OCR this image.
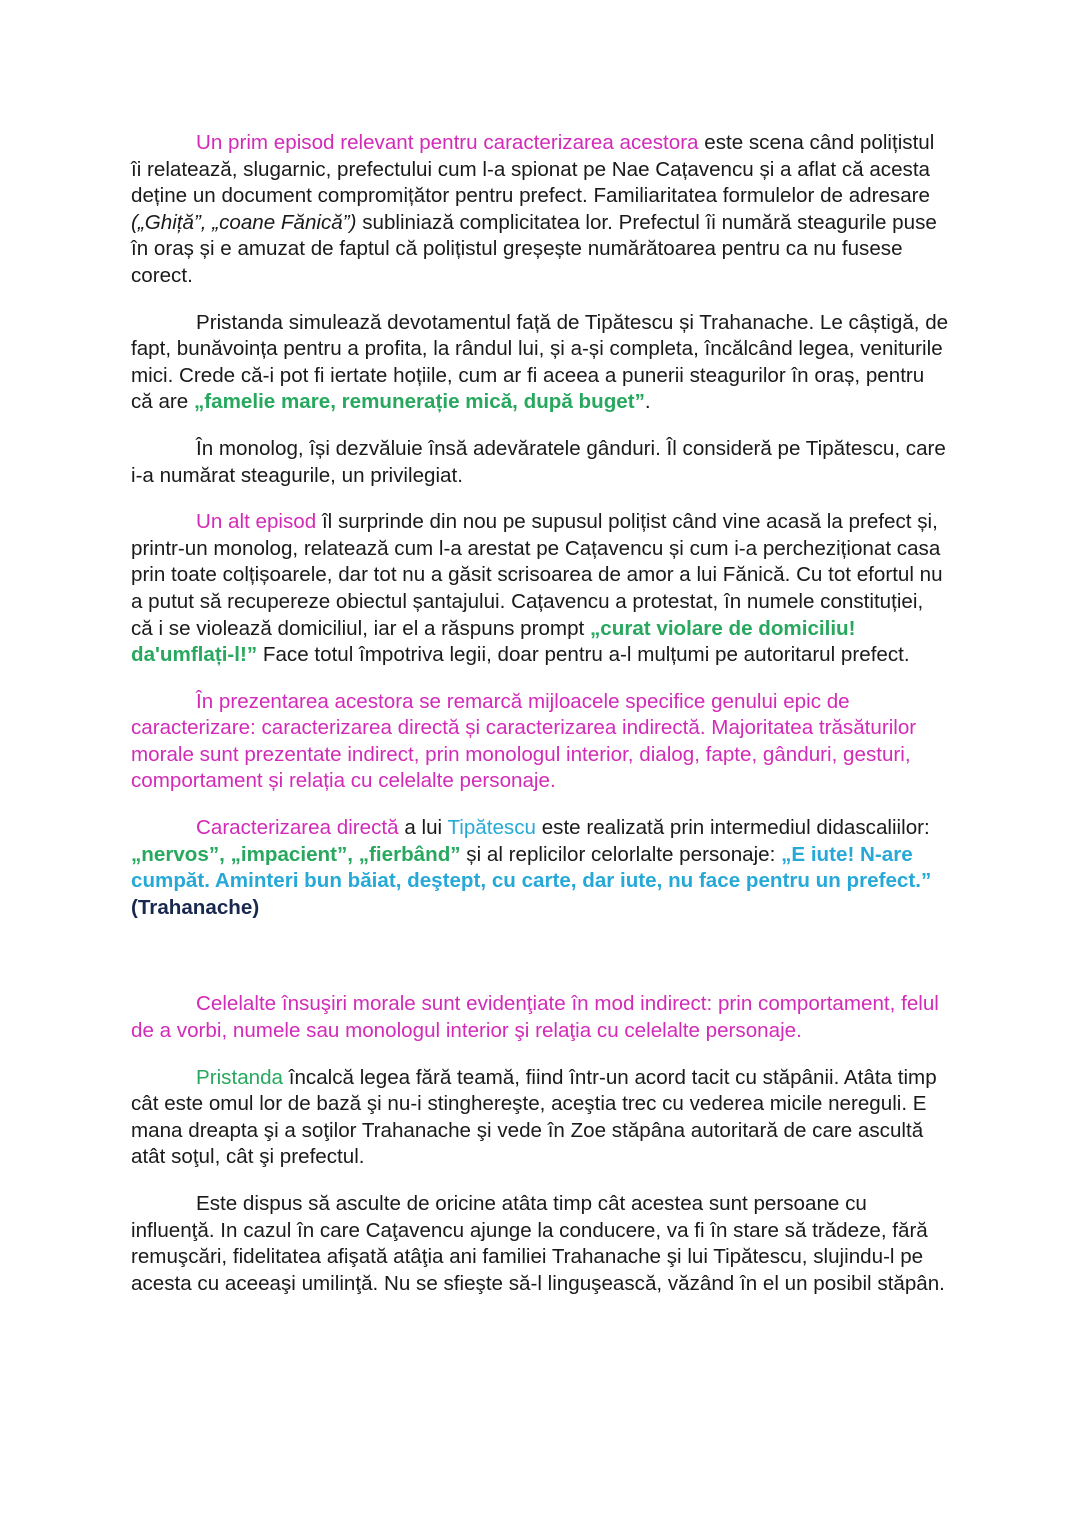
Un prim episod relevant pentru caracterizarea acestora este scena când polițistul îi relatează, slugarnic, prefectului cum l-a spionat pe Nae Cațavencu și a aflat că acesta deține un document compromițător pentru prefect. Familiaritatea formulelor de adresare („Ghiță”, „coane Fănică”) subliniază complicitatea lor. Prefectul îi numără steagurile puse în oraș și e amuzat de faptul că polițistul greșește numărătoarea pentru ca nu fusese corect.

Pristanda simulează devotamentul față de Tipătescu și Trahanache. Le câștigă, de fapt, bunăvoința pentru a profita, la rândul lui, și a-și completa, încălcând legea, veniturile mici. Crede că-i pot fi iertate hoțiile, cum ar fi aceea a punerii steagurilor în oraș, pentru că are „famelie mare, remunerație mică, după buget”.

În monolog, își dezvăluie însă adevăratele gânduri. Îl consideră pe Tipătescu, care i-a numărat steagurile, un privilegiat.

Un alt episod îl surprinde din nou pe supusul polițist când vine acasă la prefect și, printr-un monolog, relatează cum l-a arestat pe Cațavencu și cum i-a percheziționat casa prin toate colțișoarele, dar tot nu a găsit scrisoarea de amor a lui Fănică. Cu tot efortul nu a putut să recupereze obiectul șantajului. Cațavencu a protestat, în numele constituției, că i se violează domiciliul, iar el a răspuns prompt „curat violare de domiciliu! da'umflați-l!” Face totul împotriva legii, doar pentru a-l mulțumi pe autoritarul prefect.

În prezentarea acestora se remarcă mijloacele specifice genului epic de caracterizare: caracterizarea directă și caracterizarea indirectă. Majoritatea trăsăturilor morale sunt prezentate indirect, prin monologul interior, dialog, fapte, gânduri, gesturi, comportament și relația cu celelalte personaje.

Caracterizarea directă a lui Tipătescu este realizată prin intermediul didascaliilor: „nervos”, „impacient”, „fierbând” și al replicilor celorlalte personaje: „E iute! N-are cumpăt. Aminteri bun băiat, deştept, cu carte, dar iute, nu face pentru un prefect.” (Trahanache)

Celelalte însuşiri morale sunt evidenţiate în mod indirect: prin comportament, felul de a vorbi, numele sau monologul interior şi relaţia cu celelalte personaje.

Pristanda încalcă legea fără teamă, fiind într-un acord tacit cu stăpânii. Atâta timp cât este omul lor de bază şi nu-i stinghereşte, aceştia trec cu vederea micile nereguli. E mana dreapta şi a soţilor Trahanache şi vede în Zoe stăpâna autoritară de care ascultă atât soţul, cât şi prefectul.

Este dispus să asculte de oricine atâta timp cât acestea sunt persoane cu influenţă. In cazul în care Caţavencu ajunge la conducere, va fi în stare să trădeze, fără remuşcări, fidelitatea afişată atâţia ani familiei Trahanache şi lui Tipătescu, slujindu-l pe acesta cu aceeaşi umilinţă. Nu se sfieşte să-l linguşească, văzând în el un posibil stăpân.
